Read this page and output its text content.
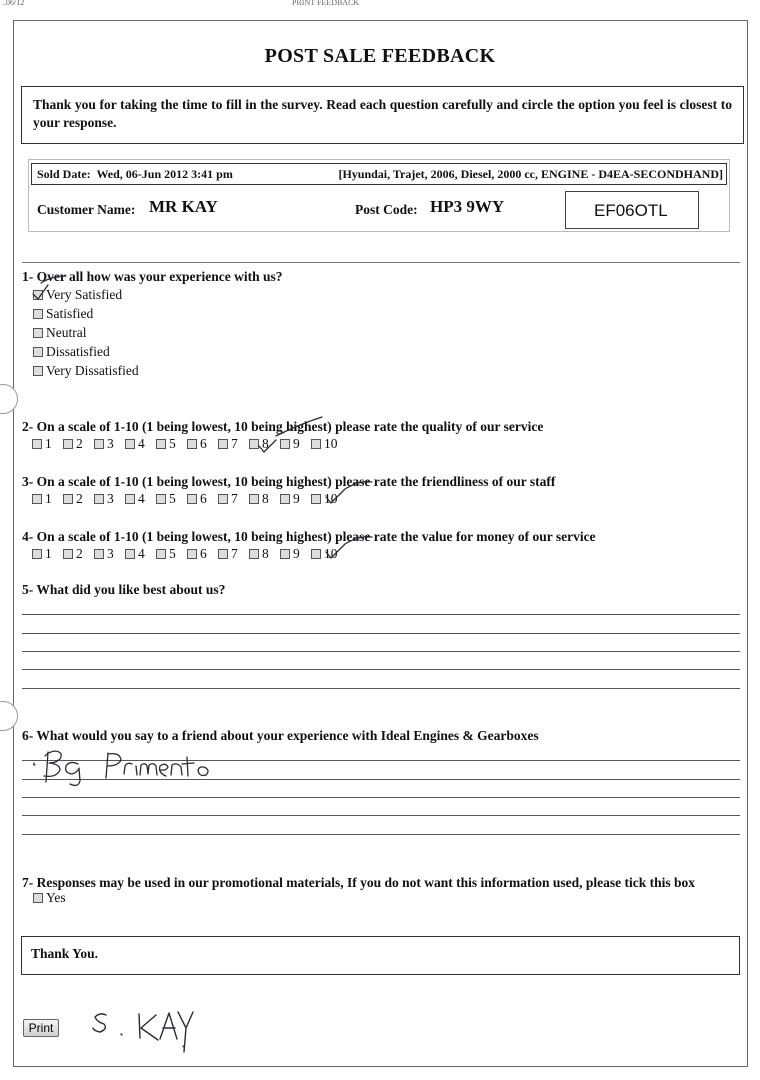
..06/12	PRINT FEEDBACK
POST SALE FEEDBACK
Thank you for taking the time to fill in the survey. Read each question carefully and circle the option you feel is closest to your response.
Sold Date: Wed, 06-Jun 2012 3:41 pm	[Hyundai, Trajet, 2006, Diesel, 2000 cc, ENGINE - D4EA-SECONDHAND]
Customer Name: MR KAY	Post Code: HP3 9WY	EF06OTL
1- Over all how was your experience with us?
Very Satisfied
Satisfied
Neutral
Dissatisfied
Very Dissatisfied
2- On a scale of 1-10 (1 being lowest, 10 being highest) please rate the quality of our service
1 2 3 4 5 6 7 8 9 10
3- On a scale of 1-10 (1 being lowest, 10 being highest) please rate the friendliness of our staff
1 2 3 4 5 6 7 8 9 10
4- On a scale of 1-10 (1 being lowest, 10 being highest) please rate the value for money of our service
1 2 3 4 5 6 7 8 9 10
5- What did you like best about us?
6- What would you say to a friend about your experience with Ideal Engines & Gearboxes
7- Responses may be used in our promotional materials, If you do not want this information used, please tick this box
Yes
Thank You.
Print
